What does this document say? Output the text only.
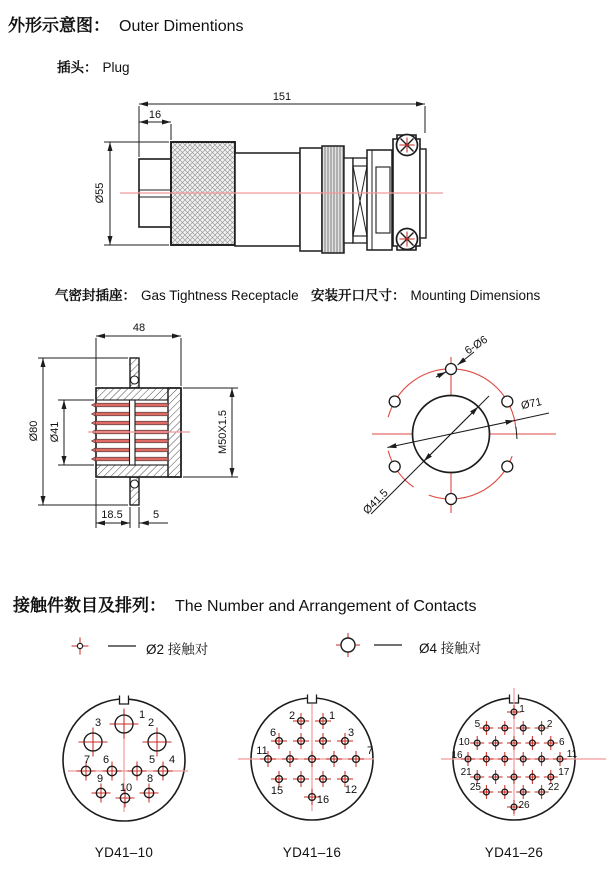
151
16
Ø55
48
Ø80 Ø41	M50X1.5
18.5	5
6-Ø6
Ø71
Ø41.5
1
2
3
4
5
6
7
8
9
10
YD41–10
2	1
6	3
11	7
15	12
16
YD41–16
1
5	2
10	6
16	11
21	17
25	22
26
YD41–26
外形示意图： Outer Dimentions
插头： Plug
气密封插座： Gas Tightness Receptacle 安装开口尺寸： Mounting Dimensions
接触件数目及排列： The Number and Arrangement of Contacts
Ø2 接触对	Ø4 接触对
